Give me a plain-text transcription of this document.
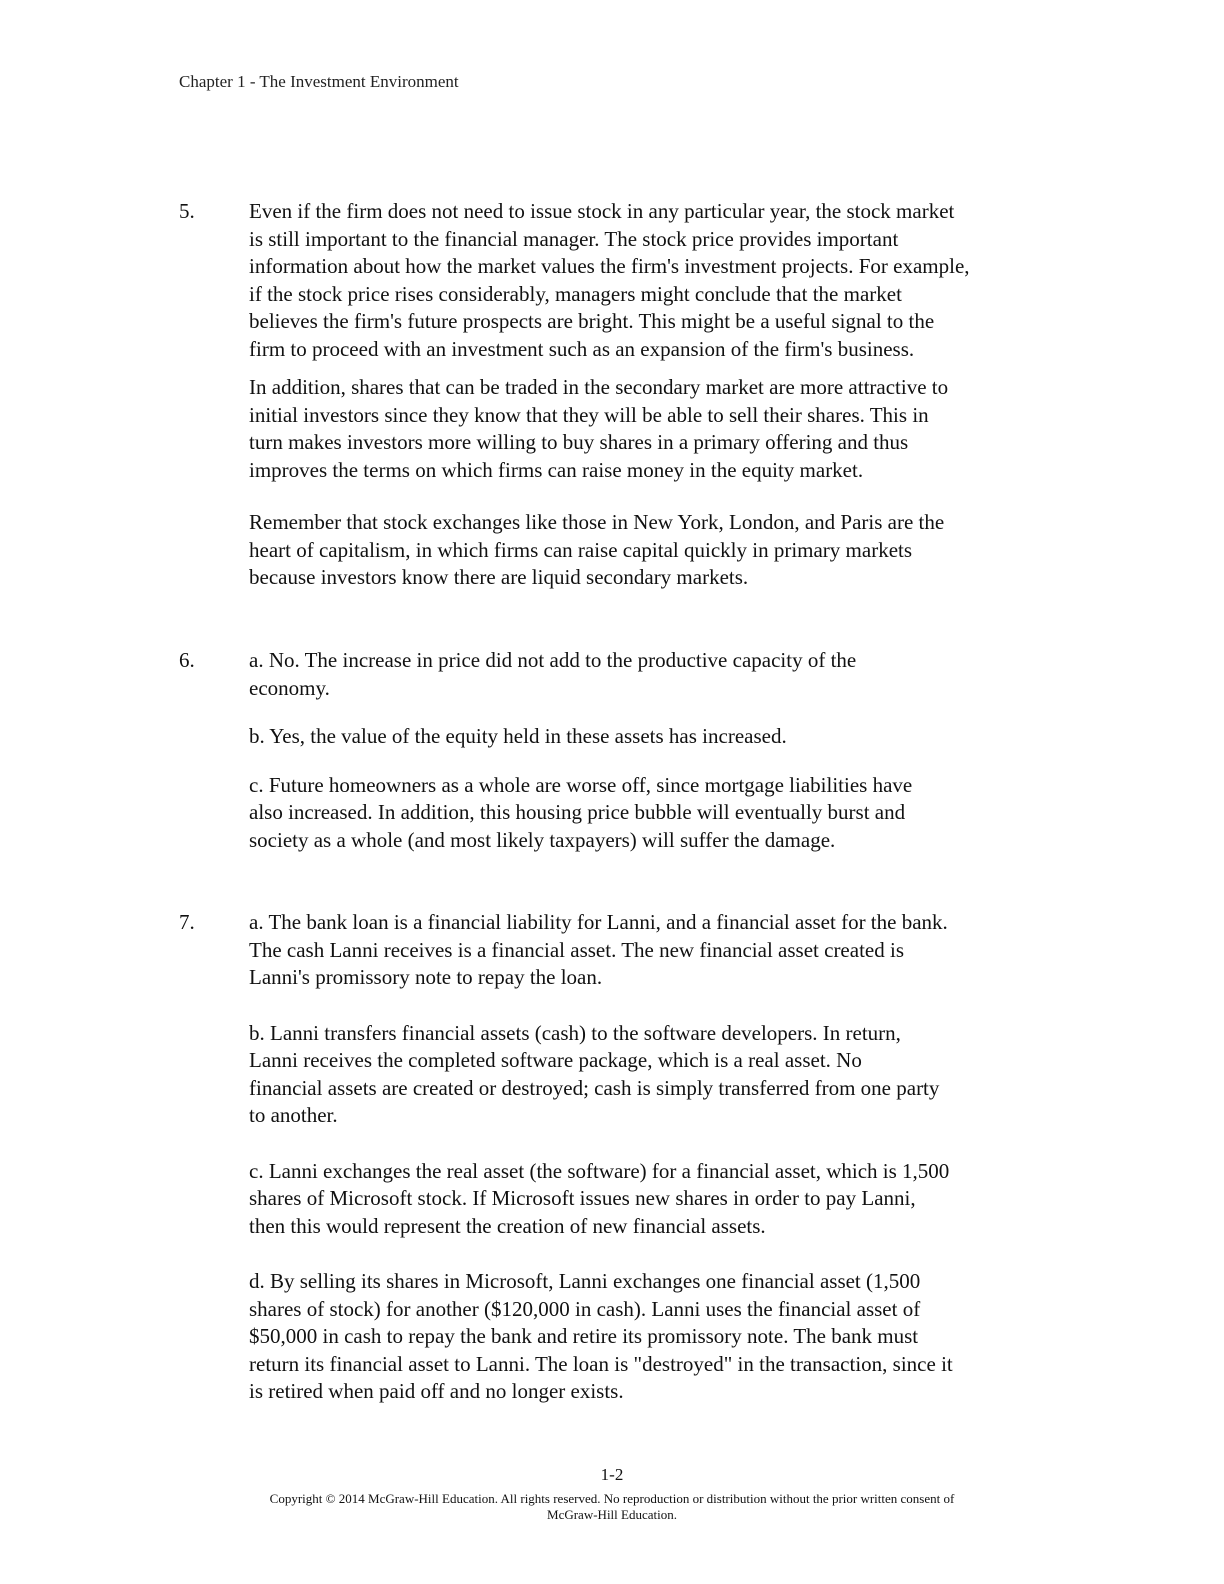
Chapter 1 - The Investment Environment
5.	Even if the firm does not need to issue stock in any particular year, the stock market
is still important to the financial manager. The stock price provides important
information about how the market values the firm's investment projects. For example,
if the stock price rises considerably, managers might conclude that the market
believes the firm's future prospects are bright. This might be a useful signal to the
firm to proceed with an investment such as an expansion of the firm's business.

In addition, shares that can be traded in the secondary market are more attractive to
initial investors since they know that they will be able to sell their shares. This in
turn makes investors more willing to buy shares in a primary offering and thus
improves the terms on which firms can raise money in the equity market.

Remember that stock exchanges like those in New York, London, and Paris are the
heart of capitalism, in which firms can raise capital quickly in primary markets
because investors know there are liquid secondary markets.

6.	a. No. The increase in price did not add to the productive capacity of the
economy.

b. Yes, the value of the equity held in these assets has increased.

c. Future homeowners as a whole are worse off, since mortgage liabilities have
also increased. In addition, this housing price bubble will eventually burst and
society as a whole (and most likely taxpayers) will suffer the damage.

7.	a. The bank loan is a financial liability for Lanni, and a financial asset for the bank.
The cash Lanni receives is a financial asset. The new financial asset created is
Lanni's promissory note to repay the loan.

b. Lanni transfers financial assets (cash) to the software developers. In return,
Lanni receives the completed software package, which is a real asset. No
financial assets are created or destroyed; cash is simply transferred from one party
to another.

c. Lanni exchanges the real asset (the software) for a financial asset, which is 1,500
shares of Microsoft stock. If Microsoft issues new shares in order to pay Lanni,
then this would represent the creation of new financial assets.

d. By selling its shares in Microsoft, Lanni exchanges one financial asset (1,500
shares of stock) for another ($120,000 in cash). Lanni uses the financial asset of
$50,000 in cash to repay the bank and retire its promissory note. The bank must
return its financial asset to Lanni. The loan is "destroyed" in the transaction, since it
is retired when paid off and no longer exists.

1-2

Copyright © 2014 McGraw-Hill Education. All rights reserved. No reproduction or distribution without the prior written consent of

McGraw-Hill Education.
